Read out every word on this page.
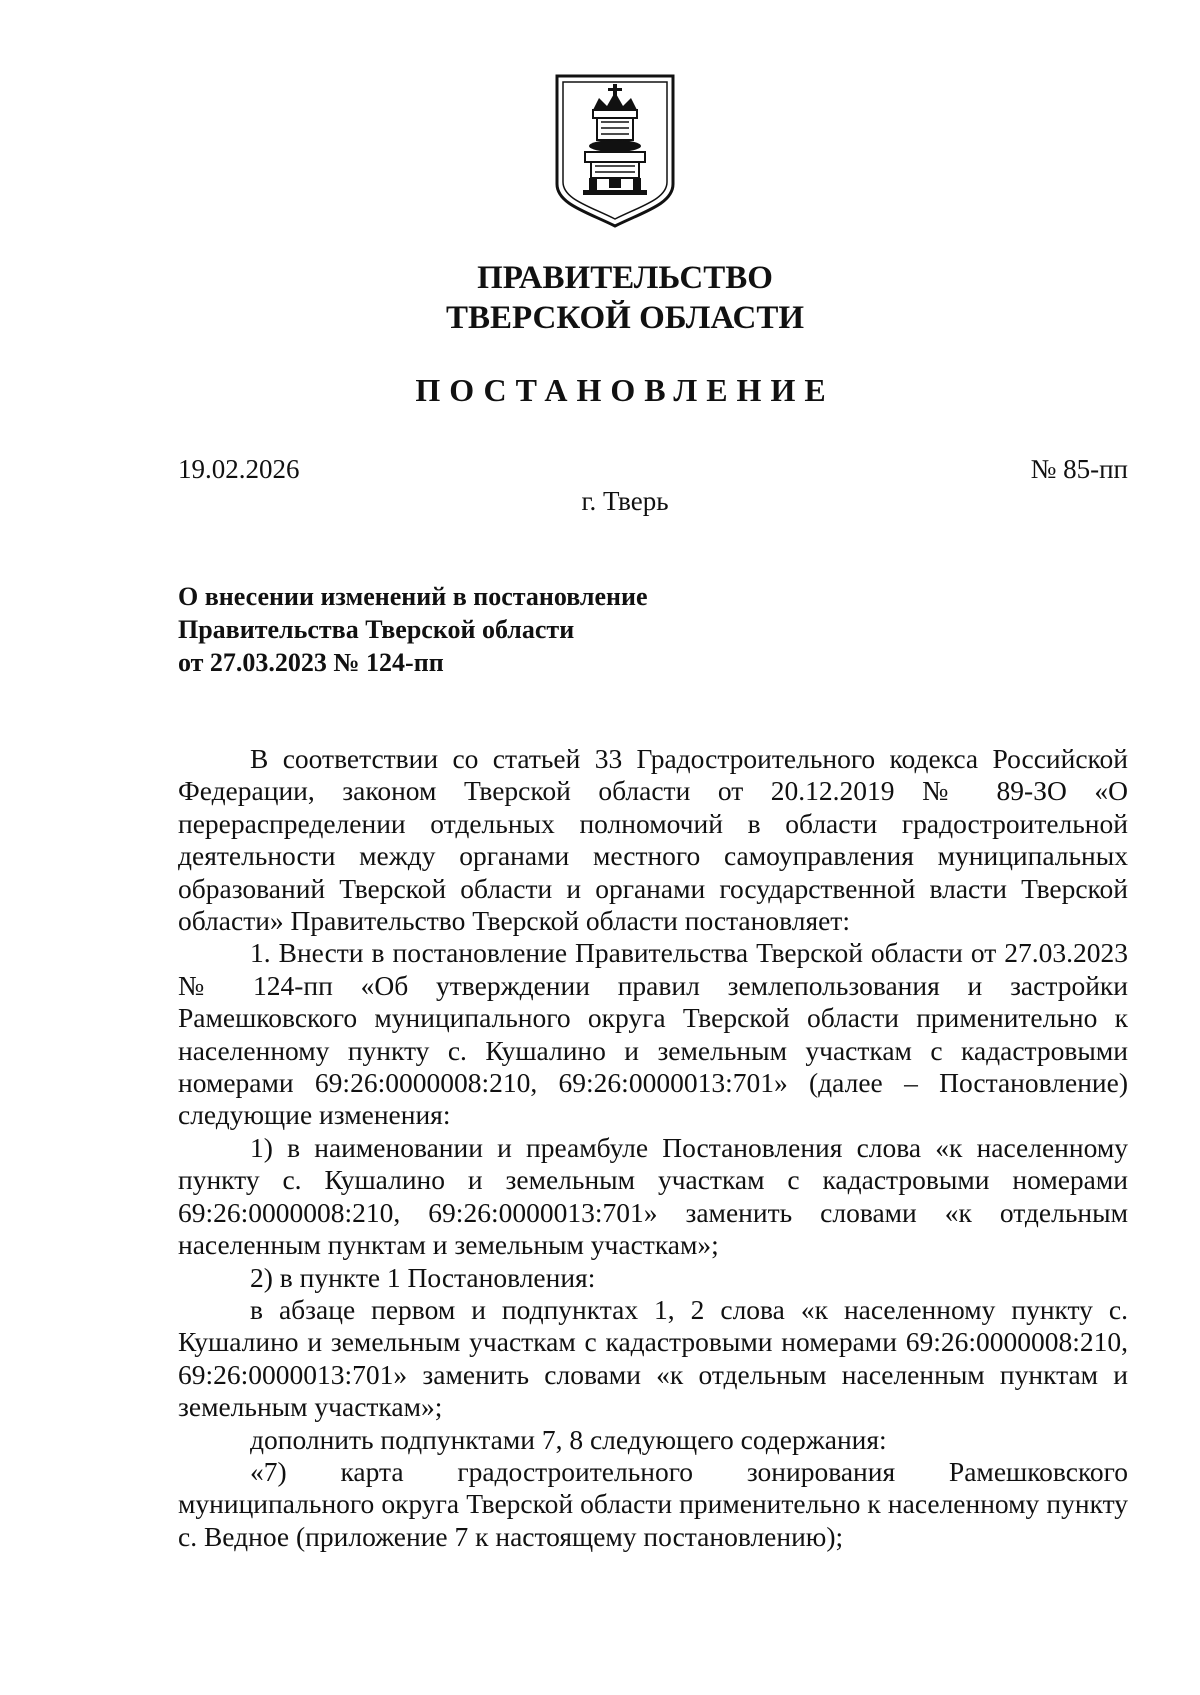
ПРАВИТЕЛЬСТВО
ТВЕРСКОЙ ОБЛАСТИ
ПОСТАНОВЛЕНИЕ
19.02.2026	№ 85-пп
г. Тверь
О внесении изменений в постановление
Правительства Тверской области
от 27.03.2023 № 124-пп

В соответствии со статьей 33 Градостроительного кодекса Российской Федерации, законом Тверской области от 20.12.2019 № 89-ЗО «О перераспределении отдельных полномочий в области градостроительной деятельности между органами местного самоуправления муниципальных образований Тверской области и органами государственной власти Тверской области» Правительство Тверской области постановляет:

1. Внести в постановление Правительства Тверской области от 27.03.2023 № 124-пп «Об утверждении правил землепользования и застройки Рамешковского муниципального округа Тверской области применительно к населенному пункту с. Кушалино и земельным участкам с кадастровыми номерами 69:26:0000008:210, 69:26:0000013:701» (далее – Постановление) следующие изменения:

1) в наименовании и преамбуле Постановления слова «к населенному пункту с. Кушалино и земельным участкам с кадастровыми номерами 69:26:0000008:210, 69:26:0000013:701» заменить словами «к отдельным населенным пунктам и земельным участкам»;

2) в пункте 1 Постановления:

в абзаце первом и подпунктах 1, 2 слова «к населенному пункту с. Кушалино и земельным участкам с кадастровыми номерами 69:26:0000008:210, 69:26:0000013:701» заменить словами «к отдельным населенным пунктам и земельным участкам»;

дополнить подпунктами 7, 8 следующего содержания:

«7) карта градостроительного зонирования Рамешковского муниципального округа Тверской области применительно к населенному пункту с. Ведное (приложение 7 к настоящему постановлению);
